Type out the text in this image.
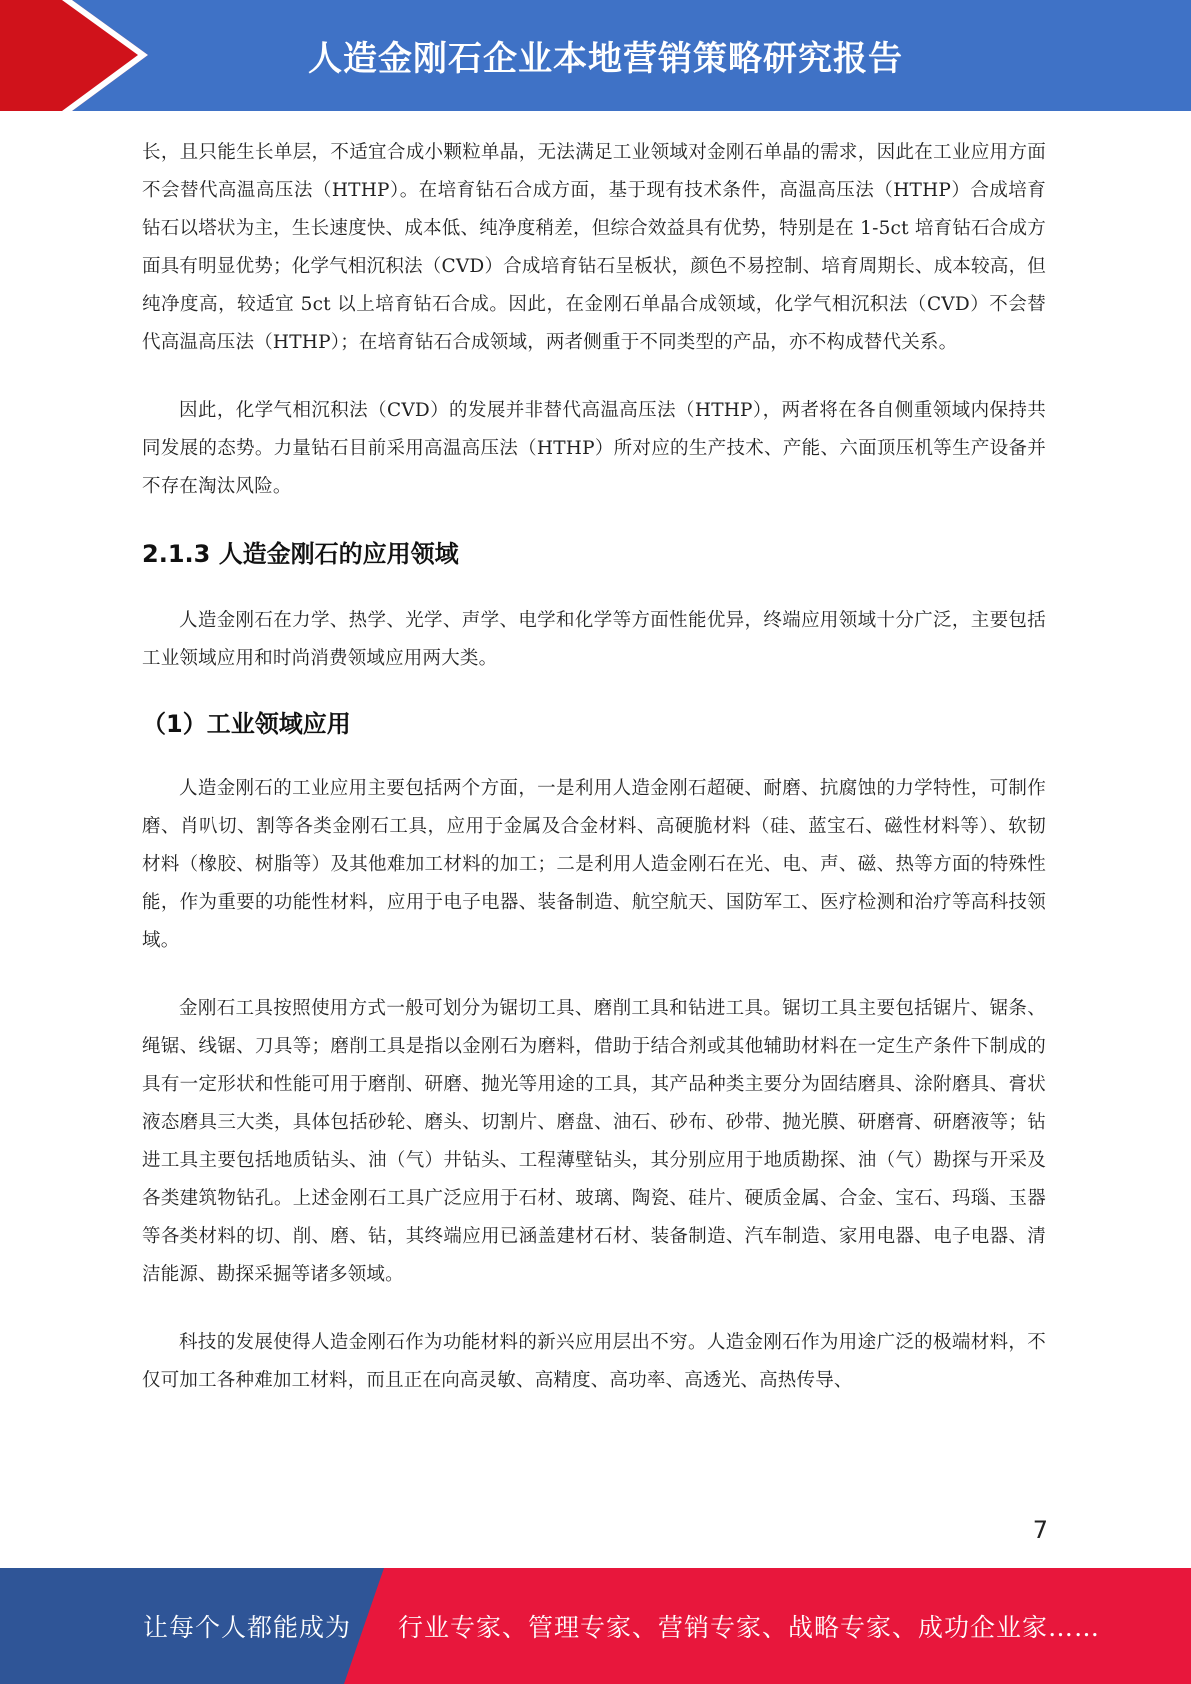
人造金刚石企业本地营销策略研究报告

长，且只能生长单层，不适宜合成小颗粒单晶，无法满足工业领域对金刚石单晶的需求，因此在工业应用方面不会替代高温高压法（HTHP）。在培育钻石合成方面，基于现有技术条件，高温高压法（HTHP）合成培育钻石以塔状为主，生长速度快、成本低、纯净度稍差，但综合效益具有优势，特别是在 1-5ct 培育钻石合成方面具有明显优势；化学气相沉积法（CVD）合成培育钻石呈板状，颜色不易控制、培育周期长、成本较高，但纯净度高，较适宜 5ct 以上培育钻石合成。因此，在金刚石单晶合成领域，化学气相沉积法（CVD）不会替代高温高压法（HTHP）；在培育钻石合成领域，两者侧重于不同类型的产品，亦不构成替代关系。

因此，化学气相沉积法（CVD）的发展并非替代高温高压法（HTHP），两者将在各自侧重领域内保持共同发展的态势。力量钻石目前采用高温高压法（HTHP）所对应的生产技术、产能、六面顶压机等生产设备并不存在淘汰风险。

2.1.3 人造金刚石的应用领域

人造金刚石在力学、热学、光学、声学、电学和化学等方面性能优异，终端应用领域十分广泛，主要包括工业领域应用和时尚消费领域应用两大类。

（1）工业领域应用

人造金刚石的工业应用主要包括两个方面，一是利用人造金刚石超硬、耐磨、抗腐蚀的力学特性，可制作磨、肖叭切、割等各类金刚石工具，应用于金属及合金材料、高硬脆材料（硅、蓝宝石、磁性材料等）、软韧材料（橡胶、树脂等）及其他难加工材料的加工；二是利用人造金刚石在光、电、声、磁、热等方面的特殊性能，作为重要的功能性材料，应用于电子电器、装备制造、航空航天、国防军工、医疗检测和治疗等高科技领域。

金刚石工具按照使用方式一般可划分为锯切工具、磨削工具和钻进工具。锯切工具主要包括锯片、锯条、绳锯、线锯、刀具等；磨削工具是指以金刚石为磨料，借助于结合剂或其他辅助材料在一定生产条件下制成的具有一定形状和性能可用于磨削、研磨、抛光等用途的工具，其产品种类主要分为固结磨具、涂附磨具、膏状液态磨具三大类，具体包括砂轮、磨头、切割片、磨盘、油石、砂布、砂带、抛光膜、研磨膏、研磨液等；钻进工具主要包括地质钻头、油（气）井钻头、工程薄壁钻头，其分别应用于地质勘探、油（气）勘探与开采及各类建筑物钻孔。上述金刚石工具广泛应用于石材、玻璃、陶瓷、硅片、硬质金属、合金、宝石、玛瑙、玉器等各类材料的切、削、磨、钻，其终端应用已涵盖建材石材、装备制造、汽车制造、家用电器、电子电器、清洁能源、勘探采掘等诸多领域。

科技的发展使得人造金刚石作为功能材料的新兴应用层出不穷。人造金刚石作为用途广泛的极端材料，不仅可加工各种难加工材料，而且正在向高灵敏、高精度、高功率、高透光、高热传导、

7
让每个人都能成为 行业专家、管理专家、营销专家、战略专家、成功企业家……
